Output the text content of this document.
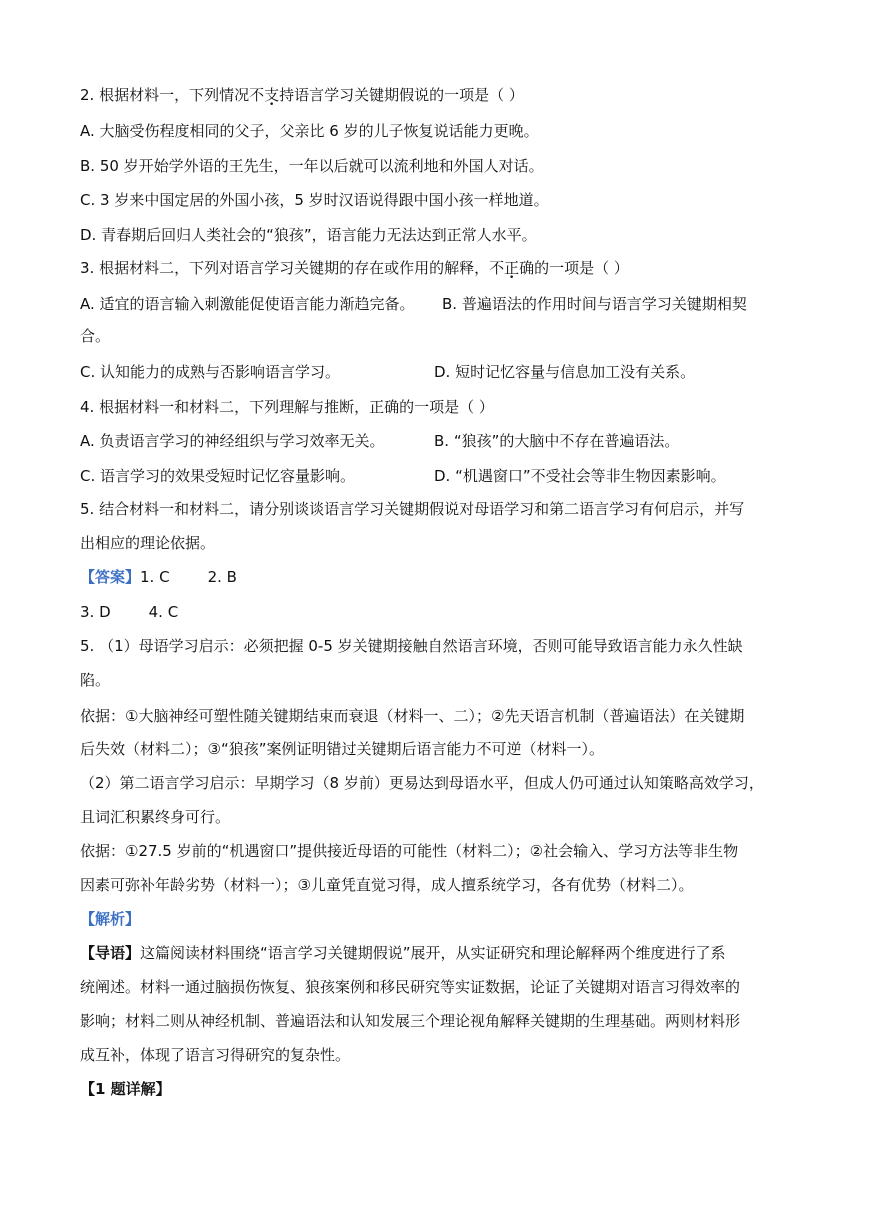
2. 根据材料一，下列情况不支持语言学习关键期假说的一项是（ ）
A. 大脑受伤程度相同的父子，父亲比 6 岁的儿子恢复说话能力更晚。
B. 50 岁开始学外语的王先生，一年以后就可以流利地和外国人对话。
C. 3 岁来中国定居的外国小孩，5 岁时汉语说得跟中国小孩一样地道。
D. 青春期后回归人类社会的“狼孩”，语言能力无法达到正常人水平。
3. 根据材料二，下列对语言学习关键期的存在或作用的解释，不正确的一项是（ ）
A. 适宜的语言输入刺激能促使语言能力渐趋完备。 B. 普遍语法的作用时间与语言学习关键期相契
合。
C. 认知能力的成熟与否影响语言学习。	D. 短时记忆容量与信息加工没有关系。
4. 根据材料一和材料二，下列理解与推断，正确的一项是（ ）
A. 负责语言学习的神经组织与学习效率无关。	B. “狼孩”的大脑中不存在普遍语法。
C. 语言学习的效果受短时记忆容量影响。	D. “机遇窗口”不受社会等非生物因素影响。
5. 结合材料一和材料二，请分别谈谈语言学习关键期假说对母语学习和第二语言学习有何启示，并写
出相应的理论依据。
【答案】1. C	2. B
3. D	4. C
5. （1）母语学习启示：必须把握 0-5 岁关键期接触自然语言环境，否则可能导致语言能力永久性缺
陷。
依据：①大脑神经可塑性随关键期结束而衰退（材料一、二）；②先天语言机制（普遍语法）在关键期
后失效（材料二）；③“狼孩”案例证明错过关键期后语言能力不可逆（材料一）。
（2）第二语言学习启示：早期学习（8 岁前）更易达到母语水平，但成人仍可通过认知策略高效学习，
且词汇积累终身可行。
依据：①27.5 岁前的“机遇窗口”提供接近母语的可能性（材料二）；②社会输入、学习方法等非生物
因素可弥补年龄劣势（材料一）；③儿童凭直觉习得，成人擅系统学习，各有优势（材料二）。
【解析】
【导语】这篇阅读材料围绕“语言学习关键期假说”展开，从实证研究和理论解释两个维度进行了系
统阐述。材料一通过脑损伤恢复、狼孩案例和移民研究等实证数据，论证了关键期对语言习得效率的
影响；材料二则从神经机制、普遍语法和认知发展三个理论视角解释关键期的生理基础。两则材料形
成互补，体现了语言习得研究的复杂性。
【1 题详解】
